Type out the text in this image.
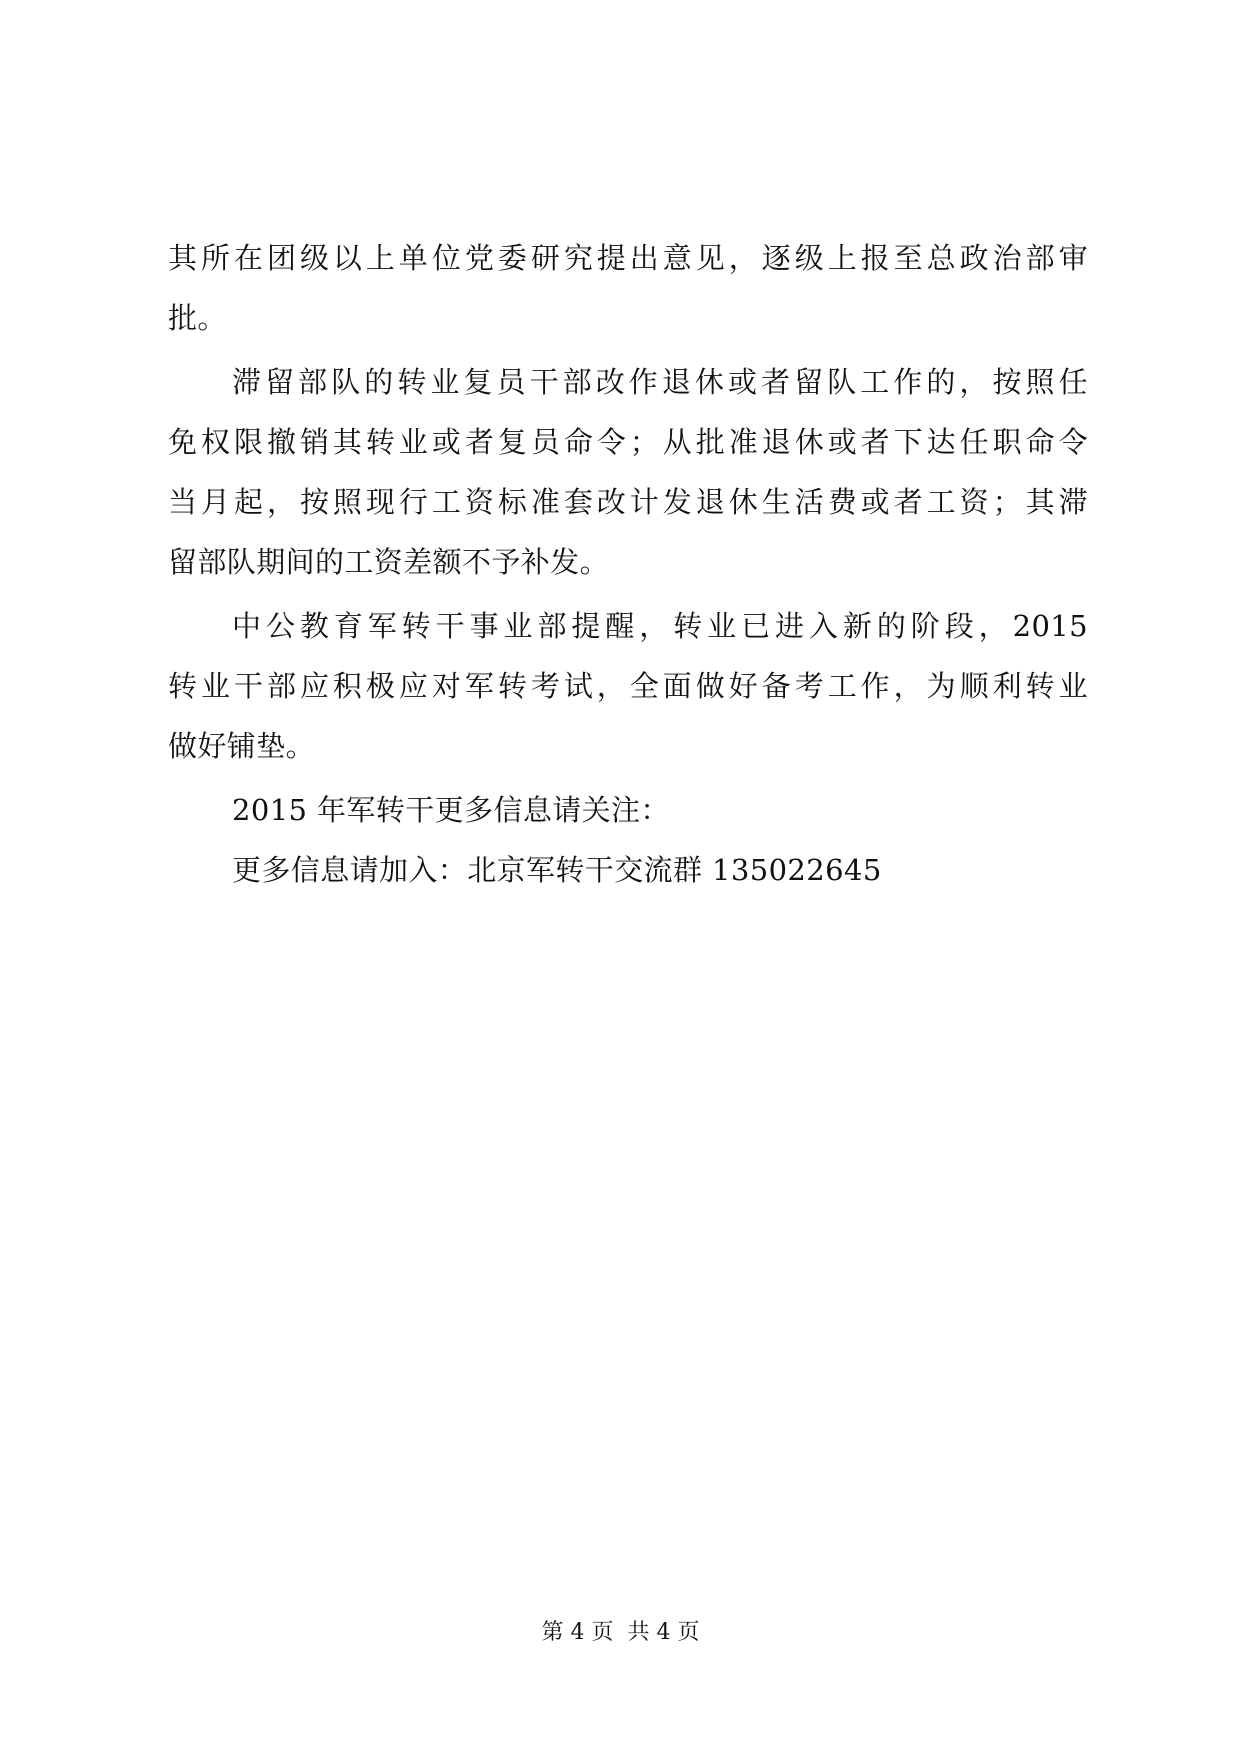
其所在团级以上单位党委研究提出意见，逐级上报至总政治部审
批。
滞留部队的转业复员干部改作退休或者留队工作的，按照任
免权限撤销其转业或者复员命令；从批准退休或者下达任职命令
当月起，按照现行工资标准套改计发退休生活费或者工资；其滞
留部队期间的工资差额不予补发。
中公教育军转干事业部提醒，转业已进入新的阶段，2015
转业干部应积极应对军转考试，全面做好备考工作，为顺利转业
做好铺垫。
2015 年军转干更多信息请关注：
更多信息请加入：北京军转干交流群 135022645
第 4 页 共 4 页
